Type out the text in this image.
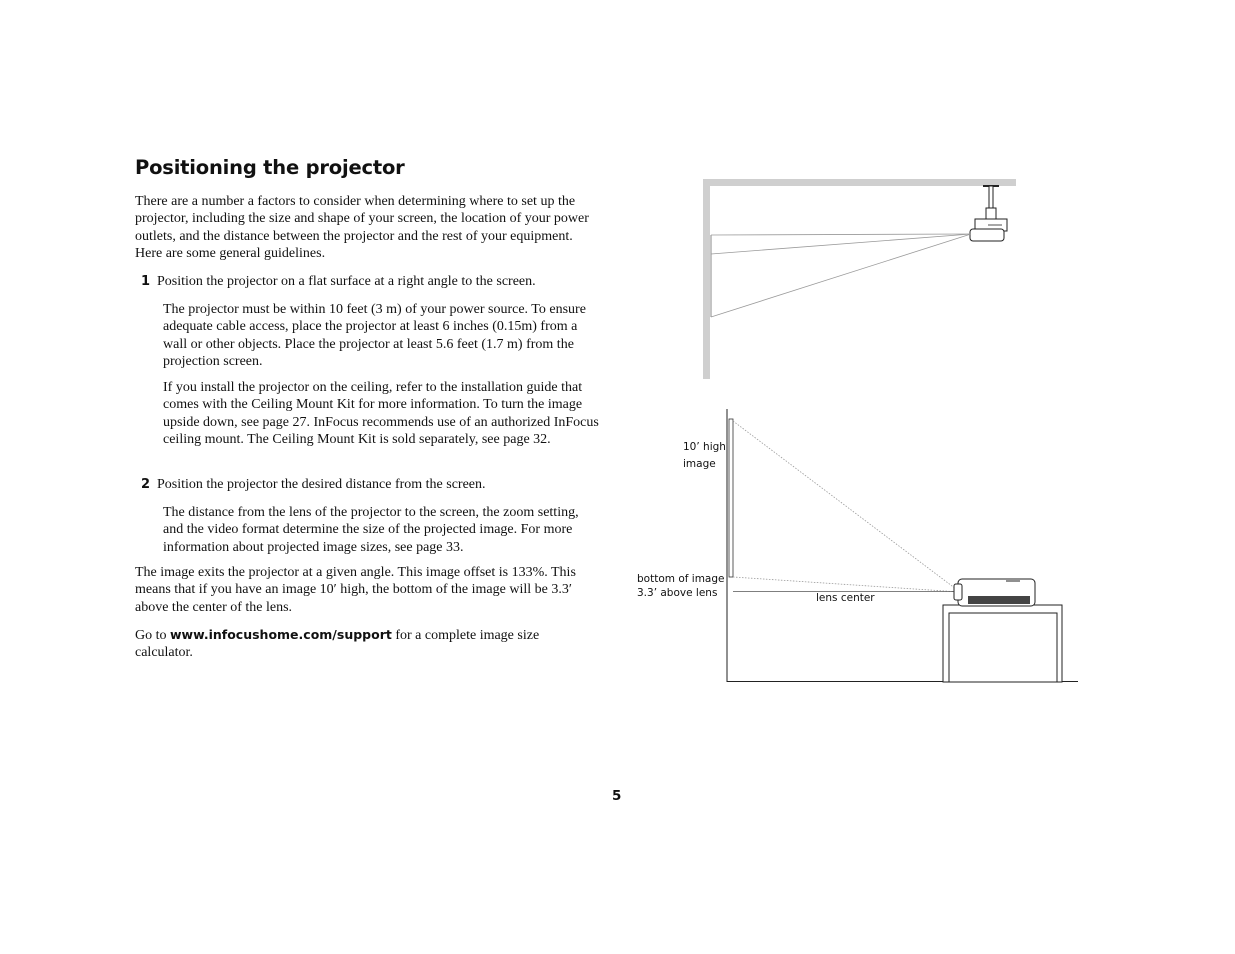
Positioning the projector

There are a number a factors to consider when determining where to set up the projector, including the size and shape of your screen, the location of your power outlets, and the distance between the projector and the rest of your equipment. Here are some general guidelines.

1 Position the projector on a flat surface at a right angle to the screen.

The projector must be within 10 feet (3 m) of your power source. To ensure adequate cable access, place the projector at least 6 inches (0.15m) from a wall or other objects. Place the projector at least 5.6 feet (1.7 m) from the projection screen.

If you install the projector on the ceiling, refer to the installation guide that comes with the Ceiling Mount Kit for more information. To turn the image upside down, see page 27. InFocus recommends use of an authorized InFocus ceiling mount. The Ceiling Mount Kit is sold separately, see page 32.

2 Position the projector the desired distance from the screen.

The distance from the lens of the projector to the screen, the zoom setting, and the video format determine the size of the projected image. For more information about projected image sizes, see page 33.

The image exits the projector at a given angle. This image offset is 133%. This means that if you have an image 10′ high, the bottom of the image will be 3.3′ above the center of the lens.

Go to www.infocushome.com/support for a complete image size calculator.

5

10’ high

image

bottom of image

3.3’ above lens	lens center
